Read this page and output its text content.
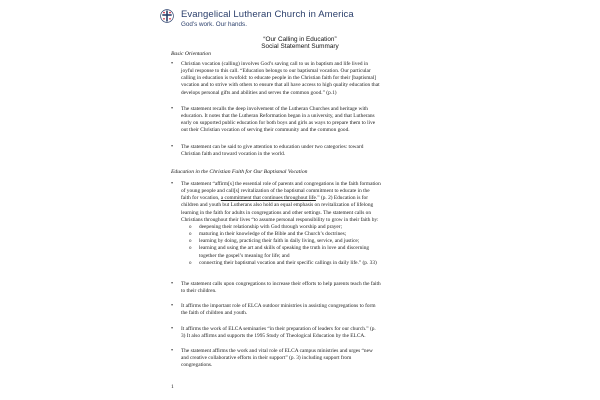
Evangelical Lutheran Church in America
God's work. Our hands.
“Our Calling in Education”
Social Statement Summary
Basic Orientation
• Christian vocation (calling) involves God’s saving call to us in baptism and life lived in
joyful response to this call. “Education belongs to our baptismal vocation. Our particular
calling in education is twofold: to educate people in the Christian faith for their [baptismal]
vocation and to strive with others to ensure that all have access to high quality education that
develops personal gifts and abilities and serves the common good.” (p.1)
• The statement recalls the deep involvement of the Lutheran Churches and heritage with
education. It notes that the Lutheran Reformation began in a university, and that Lutherans
early on supported public education for both boys and girls as ways to prepare them to live
out their Christian vocation of serving their community and the common good.
• The statement can be said to give attention to education under two categories: toward
Christian faith and toward vocation in the world.
Education in the Christian Faith for Our Baptismal Vocation
• The statement “affirm[s] the essential role of parents and congregations in the faith formation
of young people and call[s] revitalization of the baptismal commitment to educate in the
faith for vocation, a commitment that continues throughout life.” (p. 2) Education is for
children and youth but Lutherans also hold an equal emphasis on revitalization of lifelong
learning in the faith for adults in congregations and other settings. The statement calls on
Christians throughout their lives “to assume personal responsibility to grow in their faith by:
o deepening their relationship with God through worship and prayer;
o maturing in their knowledge of the Bible and the Church’s doctrines;
o learning by doing, practicing their faith in daily living, service, and justice;
o learning and using the art and skills of speaking the truth in love and discerning
together the gospel’s meaning for life; and
o connecting their baptismal vocation and their specific callings in daily life.” (p. 33)
• The statement calls upon congregations to increase their efforts to help parents teach the faith
to their children.
• It affirms the important role of ELCA outdoor ministries in assisting congregations to form
the faith of children and youth.
• It affirms the work of ELCA seminaries “in their preparation of leaders for our church.” (p.
3) It also affirms and supports the 1995 Study of Theological Education by the ELCA.
• The statement affirms the work and vital role of ELCA campus ministries and urges “new
and creative collaborative efforts in their support” (p. 3) including support from
congregations.
1
